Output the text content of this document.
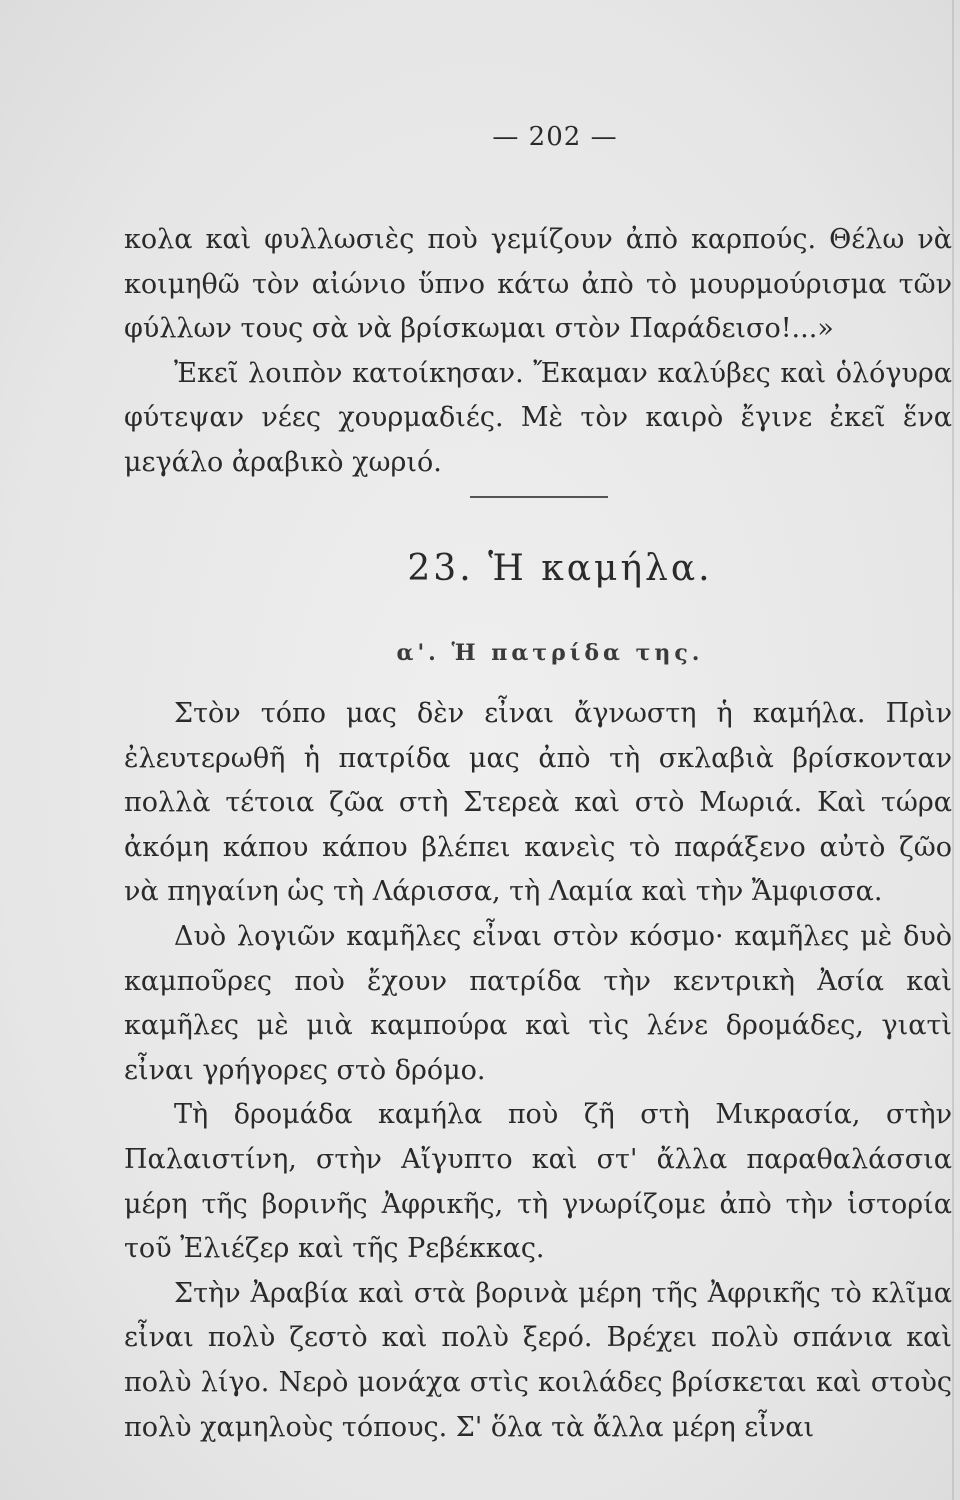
— 202 —

κολα καὶ φυλλωσιὲς ποὺ γεμίζουν ἀπὸ καρπούς. Θέλω νὰ κοιμηθῶ τὸν αἰώνιο ὕπνο κάτω ἀπὸ τὸ μουρμούρισμα τῶν φύλλων τους σὰ νὰ βρίσκωμαι στὸν Παράδεισο!...»

Ἐκεῖ λοιπὸν κατοίκησαν. Ἔκαμαν καλύβες καὶ ὁλόγυρα φύτεψαν νέες χουρμαδιές. Μὲ τὸν καιρὸ ἔγινε ἐκεῖ ἕνα μεγάλο ἀραβικὸ χωριό.

23. Ἡ καμήλα.
α'. Ἡ πατρίδα της.

Στὸν τόπο μας δὲν εἶναι ἄγνωστη ἡ καμήλα. Πρὶν ἐλευτερωθῆ ἡ πατρίδα μας ἀπὸ τὴ σκλαβιὰ βρίσκονταν πολλὰ τέτοια ζῶα στὴ Στερεὰ καὶ στὸ Μωριά. Καὶ τώρα ἀκόμη κάπου κάπου βλέπει κανεὶς τὸ παράξενο αὐτὸ ζῶο νὰ πηγαίνη ὡς τὴ Λάρισσα, τὴ Λαμία καὶ τὴν Ἄμφισσα.

Δυὸ λογιῶν καμῆλες εἶναι στὸν κόσμο· καμῆλες μὲ δυὸ καμποῦρες ποὺ ἔχουν πατρίδα τὴν κεντρικὴ Ἀσία καὶ καμῆλες μὲ μιὰ καμπούρα καὶ τὶς λένε δρομάδες, γιατὶ εἶναι γρήγορες στὸ δρόμο.

Τὴ δρομάδα καμήλα ποὺ ζῆ στὴ Μικρασία, στὴν Παλαιστίνη, στὴν Αἴγυπτο καὶ στ' ἄλλα παραθαλάσσια μέρη τῆς βορινῆς Ἀφρικῆς, τὴ γνωρίζομε ἀπὸ τὴν ἱστορία τοῦ Ἐλιέζερ καὶ τῆς Ρεβέκκας.

Στὴν Ἀραβία καὶ στὰ βορινὰ μέρη τῆς Ἀφρικῆς τὸ κλῖμα εἶναι πολὺ ζεστὸ καὶ πολὺ ξερό. Βρέχει πολὺ σπάνια καὶ πολὺ λίγο. Νερὸ μονάχα στὶς κοιλάδες βρίσκεται καὶ στοὺς πολὺ χαμηλοὺς τόπους. Σ' ὅλα τὰ ἄλλα μέρη εἶναι
